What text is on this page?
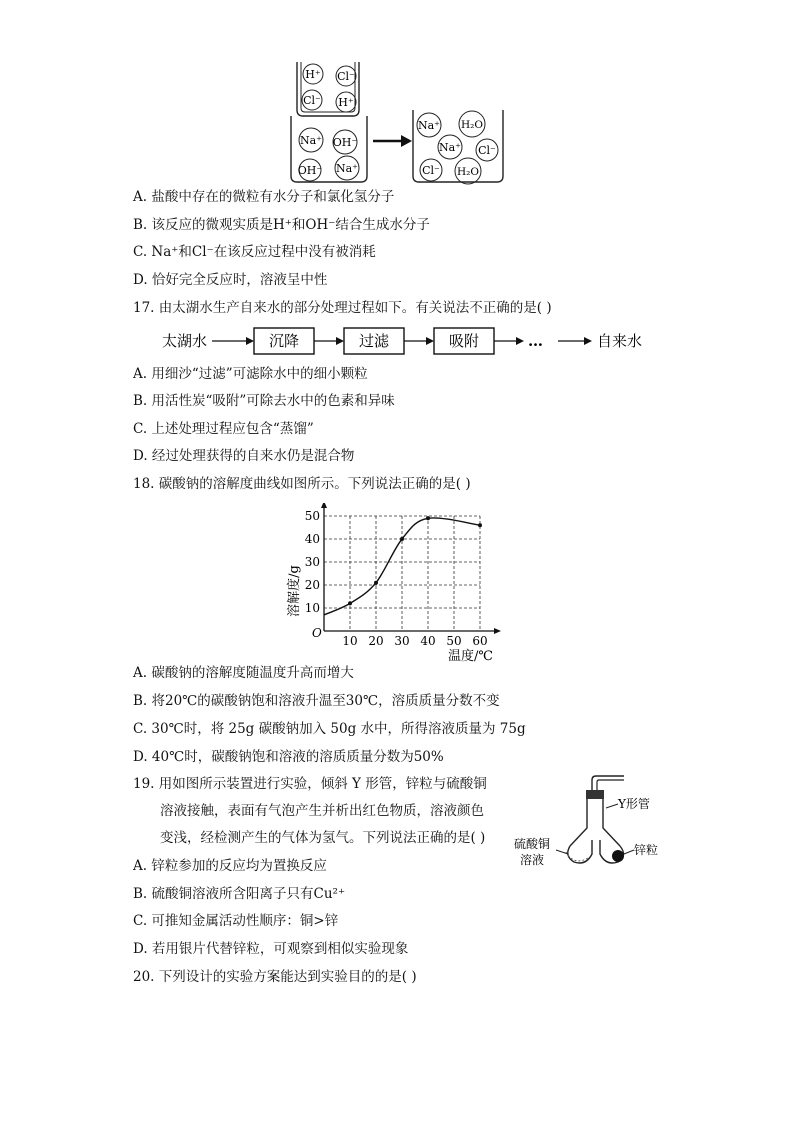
H⁺ Cl⁻
Cl⁻ H⁺
Na⁺ OH⁻
OH⁻ Na⁺
Na⁺ H₂O
Na⁺ Cl⁻
Cl⁻ H₂O
A. 盐酸中存在的微粒有水分子和氯化氢分子
B. 该反应的微观实质是H⁺和OH⁻结合生成水分子
C. Na⁺和Cl⁻在该反应过程中没有被消耗
D. 恰好完全反应时，溶液呈中性
17. 由太湖水生产自来水的部分处理过程如下。有关说法不正确的是( )
太湖水	沉降	过滤	吸附	…	自来水
A. 用细沙“过滤”可滤除水中的细小颗粒
B. 用活性炭“吸附”可除去水中的色素和异味
C. 上述处理过程应包含“蒸馏”
D. 经过处理获得的自来水仍是混合物
18. 碳酸钠的溶解度曲线如图所示。下列说法正确的是( )
10 20 30 40 50 60
10
20
30
40
50
O
温度/℃
溶解度/g
A. 碳酸钠的溶解度随温度升高而增大
B. 将20℃的碳酸钠饱和溶液升温至30℃，溶质质量分数不变
C. 30℃时，将 25g 碳酸钠加入 50g 水中，所得溶液质量为 75g
D. 40℃时，碳酸钠饱和溶液的溶质质量分数为50%
19. 用如图所示装置进行实验，倾斜 Y 形管，锌粒与硫酸铜
溶液接触，表面有气泡产生并析出红色物质，溶液颜色
变浅，经检测产生的气体为氢气。下列说法正确的是( )
Y形管
硫酸铜
溶液
锌粒
A. 锌粒参加的反应均为置换反应
B. 硫酸铜溶液所含阳离子只有Cu²⁺
C. 可推知金属活动性顺序：铜>锌
D. 若用银片代替锌粒，可观察到相似实验现象
20. 下列设计的实验方案能达到实验目的的是( )
